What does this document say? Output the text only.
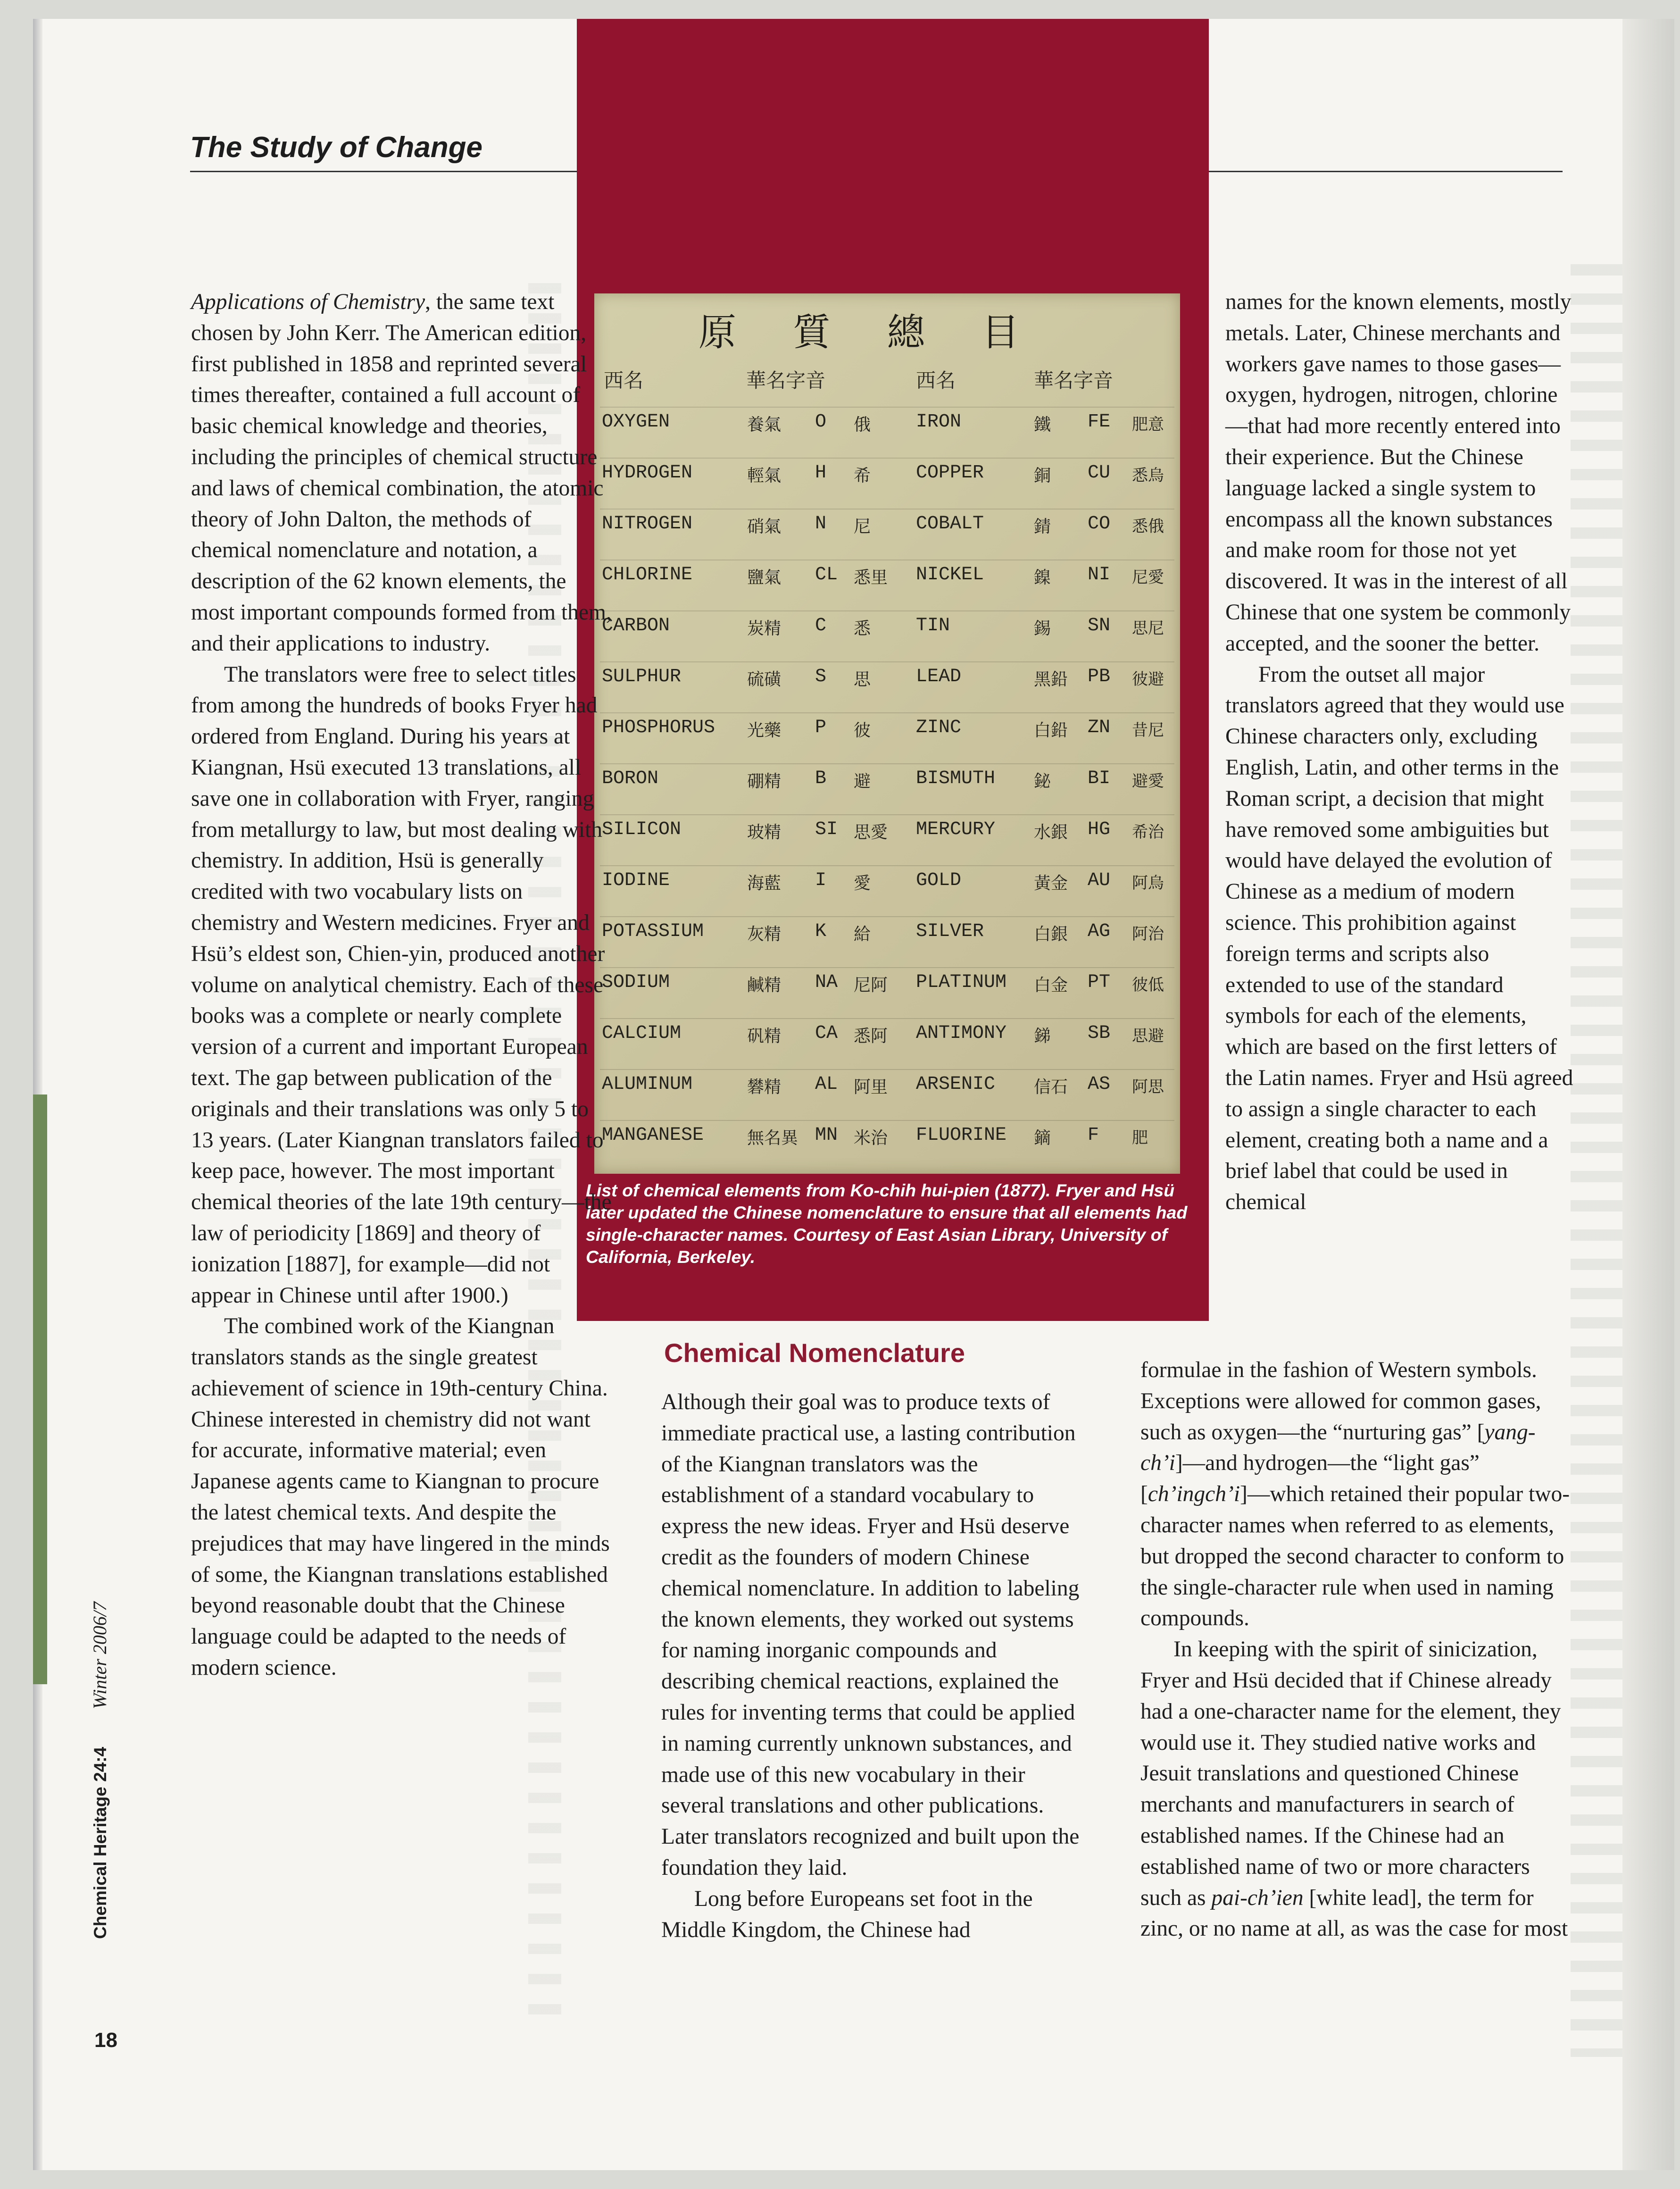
The Study of Change
原質總目
西名	華名字音	西名	華名字音
OXYGEN	養氣 O 俄 IRON	鐵 FE 肥意
HYDROGEN	輕氣 H 希 COPPER	銅 CU 悉烏
NITROGEN	硝氣 N 尼 COBALT	錆 CO 悉俄
CHLORINE	鹽氣 CL 悉里 NICKEL	鎳 NI 尼愛
CARBON	炭精 C 悉 TIN	錫 SN 思尼
SULPHUR	硫磺 S 思 LEAD	黑鉛 PB 彼避
PHOSPHORUS 光藥 P 彼 ZINC	白鉛 ZN 昔尼
BORON	硼精 B 避 BISMUTH 鉍 BI 避愛
SILICON	玻精 SI 思愛 MERCURY 水銀 HG 希治
IODINE	海藍 I 愛 GOLD	黃金 AU 阿烏
POTASSIUM	灰精 K 給 SILVER	白銀 AG 阿治
SODIUM	鹹精 NA 尼阿 PLATINUM 白金 PT 彼低
CALCIUM	矾精 CA 悉阿 ANTIMONY 銻 SB 思避
ALUMINUM	礬精 AL 阿里 ARSENIC 信石 AS 阿思
MANGANESE	無名異 MN 米治 FLUORINE 鏑 F 肥

List of chemical elements from Ko-chih hui-pien (1877). Fryer and Hsü later updated the Chinese nomenclature to ensure that all elements had single-character names. Courtesy of East Asian Library, University of California, Berkeley.

Applications of Chemistry, the same text chosen by John Kerr. The American edition, first published in 1858 and reprinted several times thereafter, contained a full account of basic chemical knowledge and theories, including the principles of chemical structure and laws of chemical combination, the atomic theory of John Dalton, the methods of chemical nomenclature and notation, a description of the 62 known elements, the most important compounds formed from them, and their applications to industry.

The translators were free to select titles from among the hundreds of books Fryer had ordered from England. During his years at Kiangnan, Hsü executed 13 translations, all save one in collaboration with Fryer, ranging from metallurgy to law, but most dealing with chemistry. In addition, Hsü is generally credited with two vocabulary lists on chemistry and Western medicines. Fryer and Hsü’s eldest son, Chien-yin, produced another volume on analytical chemistry. Each of these books was a complete or nearly complete version of a current and important European text. The gap between publication of the originals and their translations was only 5 to 13 years. (Later Kiangnan translators failed to keep pace, however. The most important chemical theories of the late 19th century—the law of periodicity [1869] and theory of ionization [1887], for example—did not appear in Chinese until after 1900.)

The combined work of the Kiangnan translators stands as the single greatest achievement of science in 19th-century China. Chinese interested in chemistry did not want for accurate, informative material; even Japanese agents came to Kiangnan to procure the latest chemical texts. And despite the prejudices that may have lingered in the minds of some, the Kiangnan translations established beyond reasonable doubt that the Chinese language could be adapted to the needs of modern science.

Chemical Nomenclature

Although their goal was to produce texts of immediate practical use, a lasting contribution of the Kiangnan translators was the establishment of a standard vocabulary to express the new ideas. Fryer and Hsü deserve credit as the founders of modern Chinese chemical nomenclature. In addition to labeling the known elements, they worked out systems for naming inorganic compounds and describing chemical reactions, explained the rules for inventing terms that could be applied in naming currently unknown substances, and made use of this new vocabulary in their several translations and other publications. Later translators recognized and built upon the foundation they laid.

Long before Europeans set foot in the Middle Kingdom, the Chinese had

names for the known elements, mostly metals. Later, Chinese merchants and workers gave names to those gases—oxygen, hydrogen, nitrogen, chlorine—that had more recently entered into their experience. But the Chinese language lacked a single system to encompass all the known substances and make room for those not yet discovered. It was in the interest of all Chinese that one system be commonly accepted, and the sooner the better.

From the outset all major translators agreed that they would use Chinese characters only, excluding English, Latin, and other terms in the Roman script, a decision that might have removed some ambiguities but would have delayed the evolution of Chinese as a medium of modern science. This prohibition against foreign terms and scripts also extended to use of the standard symbols for each of the elements, which are based on the first letters of the Latin names. Fryer and Hsü agreed to assign a single character to each element, creating both a name and a brief label that could be used in chemical

formulae in the fashion of Western symbols. Exceptions were allowed for common gases, such as oxygen—the “nurturing gas” [yang-ch’i]—and hydrogen—the “light gas” [ch’ingch’i]—which retained their popular two-character names when referred to as elements, but dropped the second character to conform to the single-character rule when used in naming compounds.

In keeping with the spirit of sinicization, Fryer and Hsü decided that if Chinese already had a one-character name for the element, they would use it. They studied native works and Jesuit translations and questioned Chinese merchants and manufacturers in search of established names. If the Chinese had an established name of two or more characters such as pai-ch’ien [white lead], the term for zinc, or no name at all, as was the case for most

Chemical Heritage 24:4Winter 2006/7

18
